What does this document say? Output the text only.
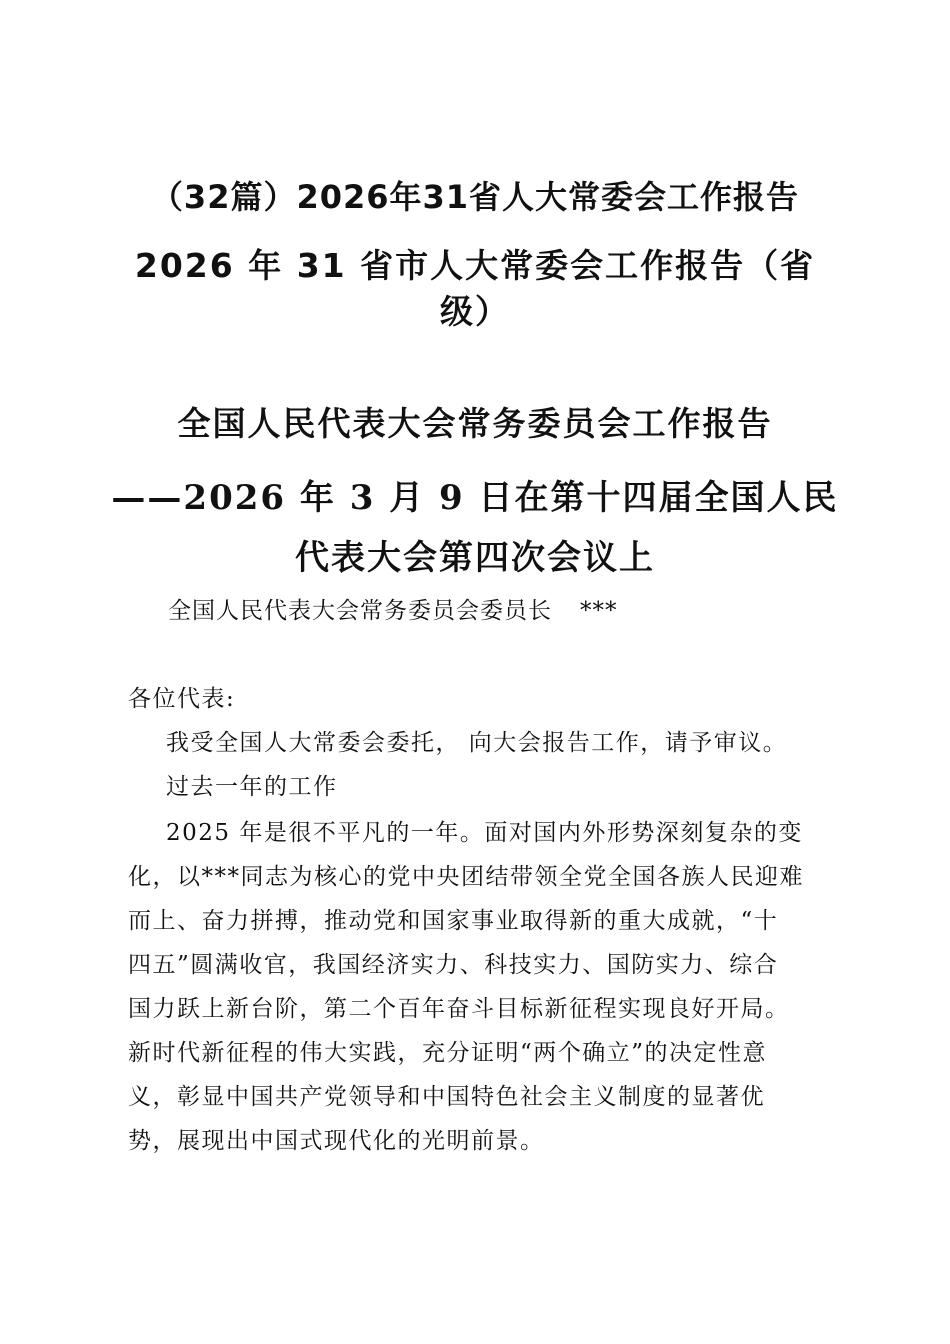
（32篇）2026年31省人大常委会工作报告
2026 年 31 省市人大常委会工作报告（省
级）
全国人民代表大会常务委员会工作报告
——2026 年 3 月 9 日在第十四届全国人民
代表大会第四次会议上
全国人民代表大会常务委员会委员长 ***
各位代表:
我受全国人大常委会委托， 向大会报告工作，请予审议。
过去一年的工作
2025 年是很不平凡的一年。面对国内外形势深刻复杂的变
化，以***同志为核心的党中央团结带领全党全国各族人民迎难
而上、奋力拼搏，推动党和国家事业取得新的重大成就，“十
四五”圆满收官，我国经济实力、科技实力、国防实力、综合
国力跃上新台阶，第二个百年奋斗目标新征程实现良好开局。
新时代新征程的伟大实践，充分证明“两个确立”的决定性意
义，彰显中国共产党领导和中国特色社会主义制度的显著优
势，展现出中国式现代化的光明前景。
